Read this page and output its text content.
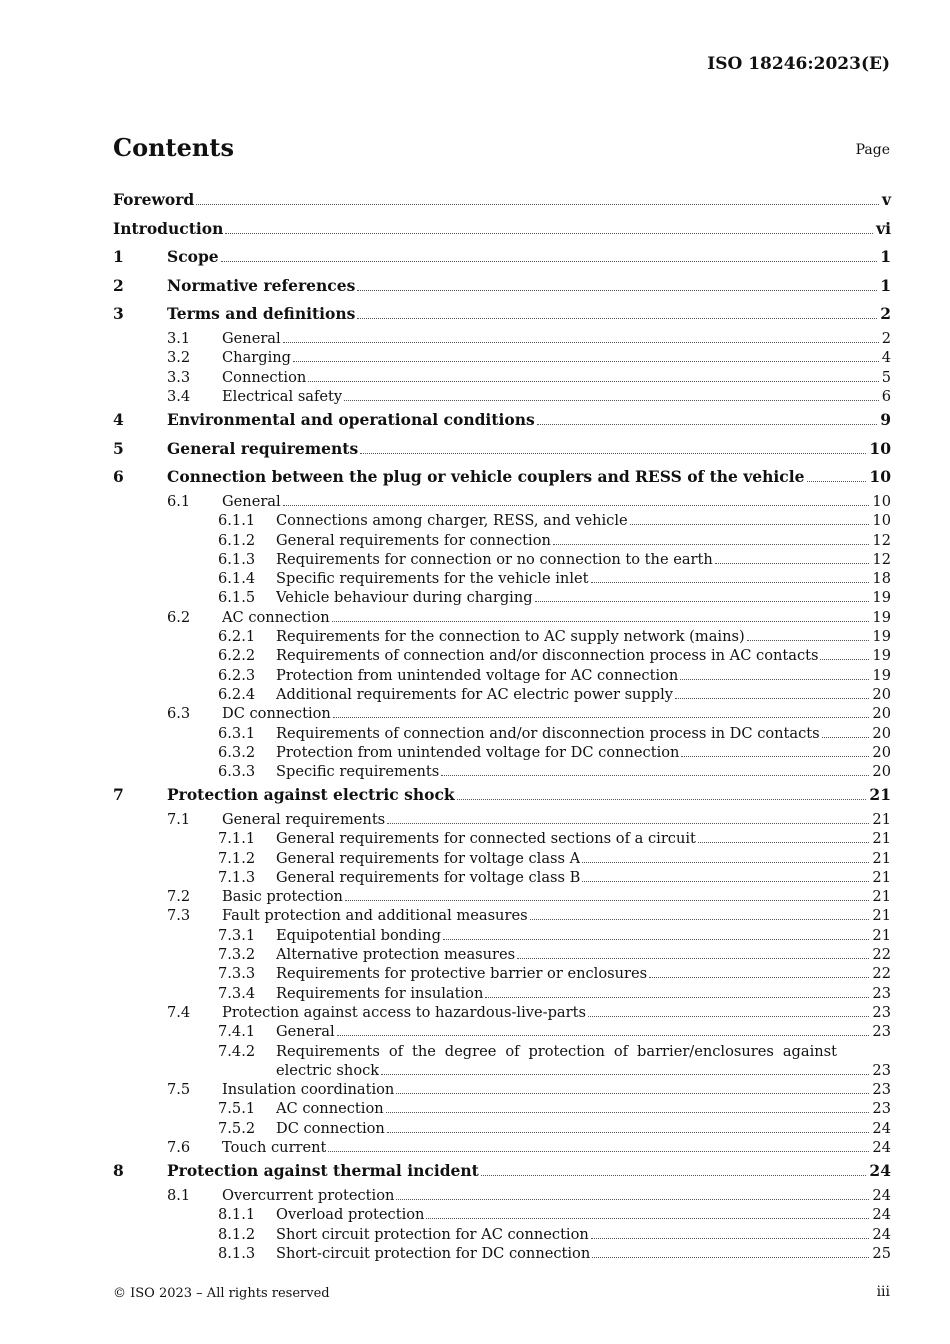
ISO 18246:2023(E)
Contents	Page
Foreword	v
Introduction	vi
1	Scope	1
2	Normative references	1
3	Terms and definitions	2
3.1	General	2
3.2	Charging	4
3.3	Connection	5
3.4	Electrical safety	6
4	Environmental and operational conditions	9
5	General requirements	10
6	Connection between the plug or vehicle couplers and RESS of the vehicle	10
6.1	General	10
6.1.1	Connections among charger, RESS, and vehicle	10
6.1.2	General requirements for connection	12
6.1.3	Requirements for connection or no connection to the earth	12
6.1.4	Specific requirements for the vehicle inlet	18
6.1.5	Vehicle behaviour during charging	19
6.2	AC connection	19
6.2.1	Requirements for the connection to AC supply network (mains)	19
6.2.2	Requirements of connection and/or disconnection process in AC contacts	19
6.2.3	Protection from unintended voltage for AC connection	19
6.2.4	Additional requirements for AC electric power supply	20
6.3	DC connection	20
6.3.1	Requirements of connection and/or disconnection process in DC contacts	20
6.3.2	Protection from unintended voltage for DC connection	20
6.3.3	Specific requirements	20
7	Protection against electric shock	21
7.1	General requirements	21
7.1.1	General requirements for connected sections of a circuit	21
7.1.2	General requirements for voltage class A	21
7.1.3	General requirements for voltage class B	21
7.2	Basic protection	21
7.3	Fault protection and additional measures	21
7.3.1	Equipotential bonding	21
7.3.2	Alternative protection measures	22
7.3.3	Requirements for protective barrier or enclosures	22
7.3.4	Requirements for insulation	23
7.4	Protection against access to hazardous-live-parts	23
7.4.1	General	23
7.4.2	Requirements of the degree of protection of barrier/enclosures against
electric shock	23
7.5	Insulation coordination	23
7.5.1	AC connection	23
7.5.2	DC connection	24
7.6	Touch current	24
8	Protection against thermal incident	24
8.1	Overcurrent protection	24
8.1.1	Overload protection	24
8.1.2	Short circuit protection for AC connection	24
8.1.3	Short-circuit protection for DC connection	25
© ISO 2023 – All rights reserved	iii
